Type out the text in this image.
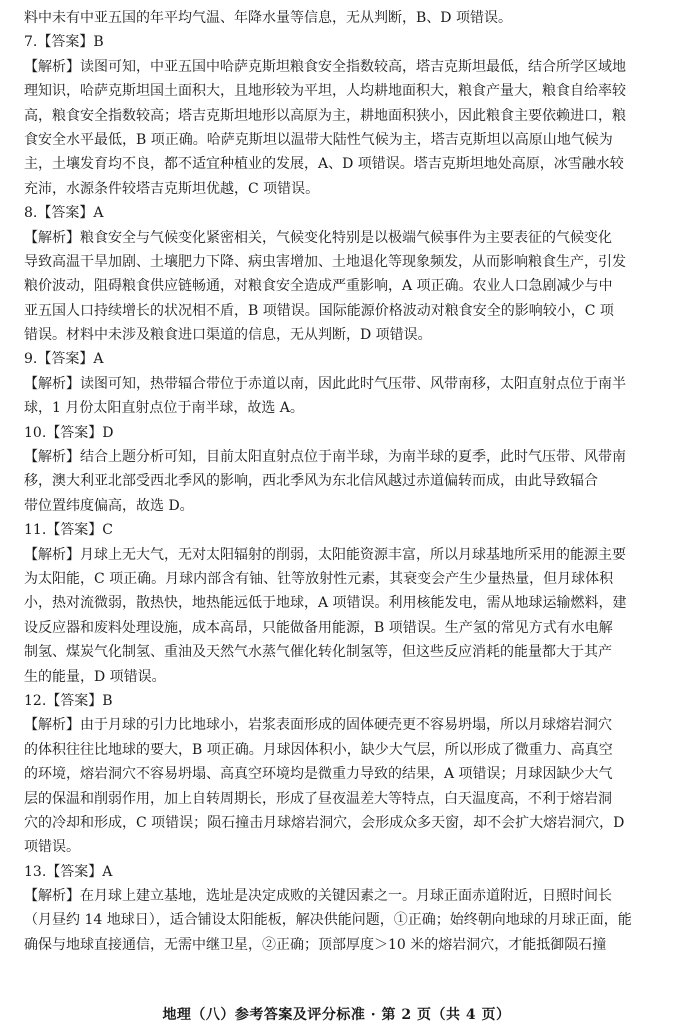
料中未有中亚五国的年平均气温、年降水量等信息，无从判断，B、D 项错误。
7.【答案】B
【解析】读图可知，中亚五国中哈萨克斯坦粮食安全指数较高，塔吉克斯坦最低，结合所学区域地
理知识，哈萨克斯坦国土面积大，且地形较为平坦，人均耕地面积大，粮食产量大，粮食自给率较
高，粮食安全指数较高；塔吉克斯坦地形以高原为主，耕地面积狭小，因此粮食主要依赖进口，粮
食安全水平最低，B 项正确。哈萨克斯坦以温带大陆性气候为主，塔吉克斯坦以高原山地气候为
主，土壤发育均不良，都不适宜种植业的发展，A、D 项错误。塔吉克斯坦地处高原，冰雪融水较
充沛，水源条件较塔吉克斯坦优越，C 项错误。
8.【答案】A
【解析】粮食安全与气候变化紧密相关，气候变化特别是以极端气候事件为主要表征的气候变化
导致高温干旱加剧、土壤肥力下降、病虫害增加、土地退化等现象频发，从而影响粮食生产，引发
粮价波动，阻碍粮食供应链畅通，对粮食安全造成严重影响，A 项正确。农业人口急剧减少与中
亚五国人口持续增长的状况相不盾，B 项错误。国际能源价格波动对粮食安全的影响较小，C 项
错误。材料中未涉及粮食进口渠道的信息，无从判断，D 项错误。
9.【答案】A
【解析】读图可知，热带辐合带位于赤道以南，因此此时气压带、风带南移，太阳直射点位于南半
球，1 月份太阳直射点位于南半球，故选 A。
10.【答案】D
【解析】结合上题分析可知，目前太阳直射点位于南半球，为南半球的夏季，此时气压带、风带南
移，澳大利亚北部受西北季风的影响，西北季风为东北信风越过赤道偏转而成，由此导致辐合
带位置纬度偏高，故选 D。
11.【答案】C
【解析】月球上无大气，无对太阳辐射的削弱，太阳能资源丰富，所以月球基地所采用的能源主要
为太阳能，C 项正确。月球内部含有铀、钍等放射性元素，其衰变会产生少量热量，但月球体积
小，热对流微弱，散热快，地热能远低于地球，A 项错误。利用核能发电，需从地球运输燃料，建
设反应器和废料处理设施，成本高昂，只能做备用能源，B 项错误。生产氢的常见方式有水电解
制氢、煤炭气化制氢、重油及天然气水蒸气催化转化制氢等，但这些反应消耗的能量都大于其产
生的能量，D 项错误。
12.【答案】B
【解析】由于月球的引力比地球小，岩浆表面形成的固体硬壳更不容易坍塌，所以月球熔岩洞穴
的体积往往比地球的要大，B 项正确。月球因体积小，缺少大气层，所以形成了微重力、高真空
的环境，熔岩洞穴不容易坍塌、高真空环境均是微重力导致的结果，A 项错误；月球因缺少大气
层的保温和削弱作用，加上自转周期长，形成了昼夜温差大等特点，白天温度高，不利于熔岩洞
穴的冷却和形成，C 项错误；陨石撞击月球熔岩洞穴，会形成众多天窗，却不会扩大熔岩洞穴，D
项错误。
13.【答案】A
【解析】在月球上建立基地，选址是决定成败的关键因素之一。月球正面赤道附近，日照时间长
（月昼约 14 地球日），适合铺设太阳能板，解决供能问题，①正确；始终朝向地球的月球正面，能
确保与地球直接通信，无需中继卫星，②正确；顶部厚度＞10 米的熔岩洞穴，才能抵御陨石撞
地理（八）参考答案及评分标准 · 第 2 页（共 4 页）
